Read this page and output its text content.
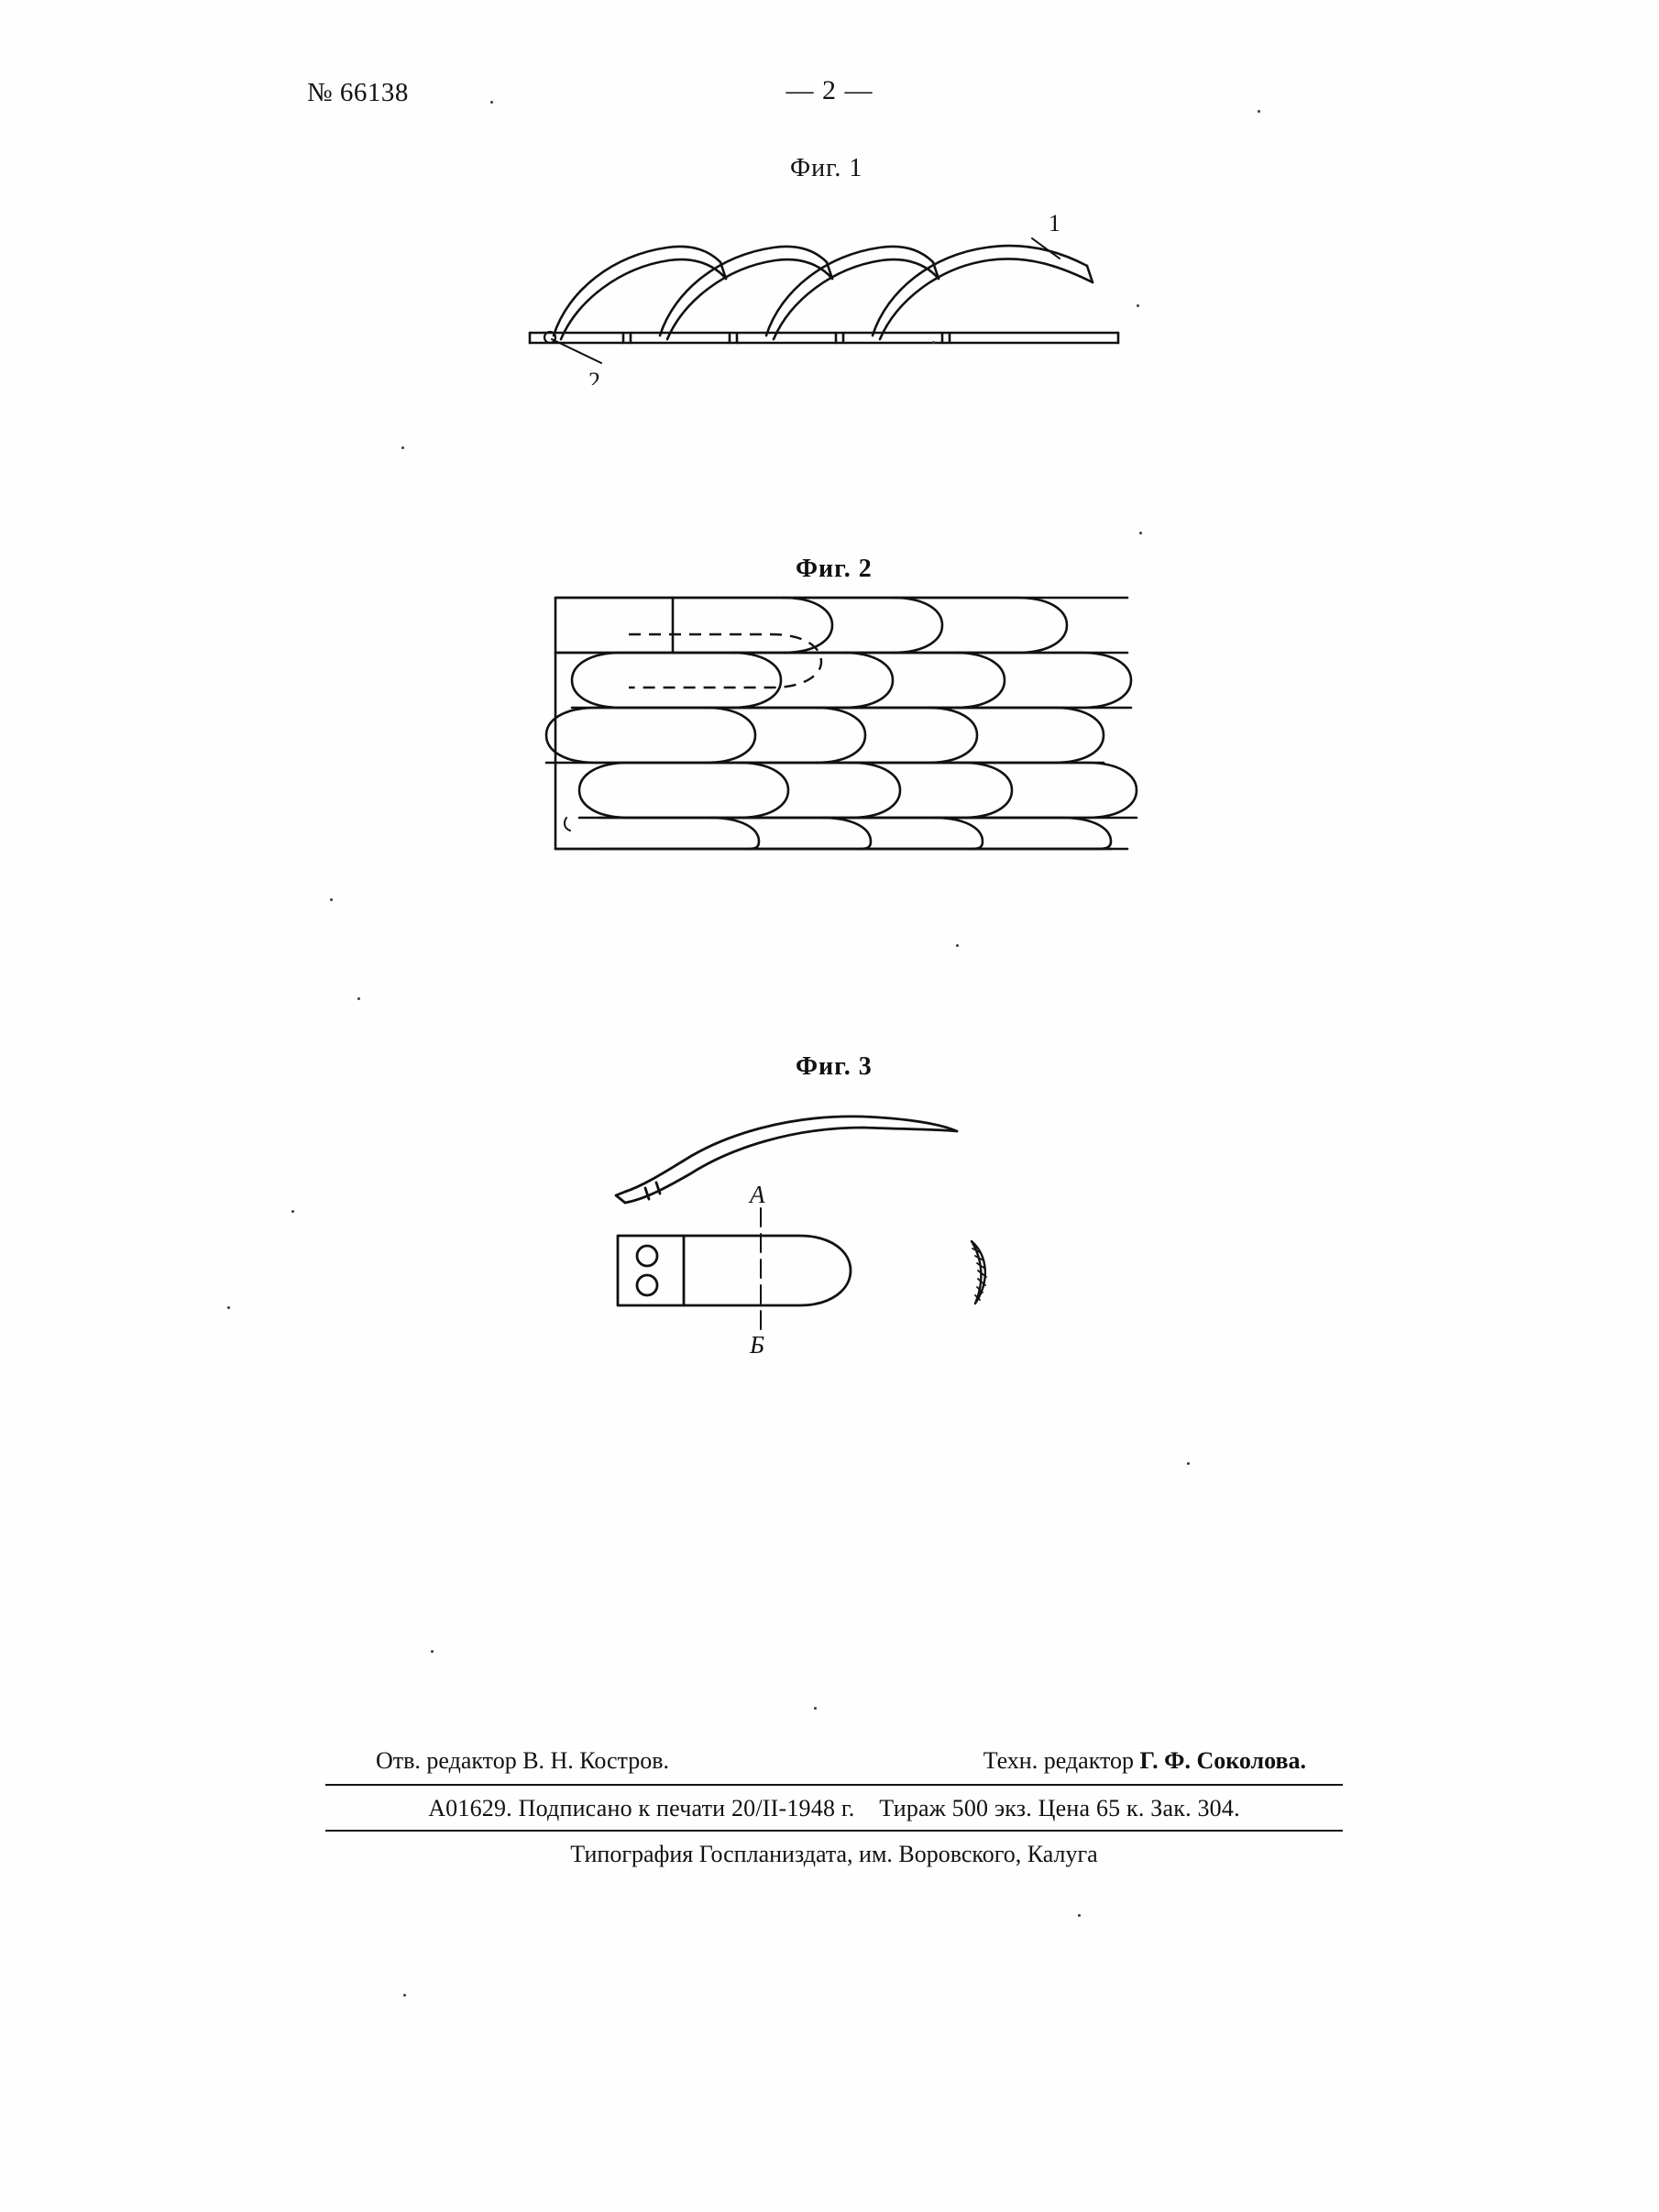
№ 66138	— 2 —
Фиг. 1
1
2
Фиг. 2
Фиг. 3
А
Б
Отв. редактор В. Н. Костров.	Техн. редактор Г. Ф. Соколова.
А01629. Подписано к печати 20/II-1948 г. Тираж 500 экз. Цена 65 к. Зак. 304.
Типография Госпланиздата, им. Воровского, Калуга
